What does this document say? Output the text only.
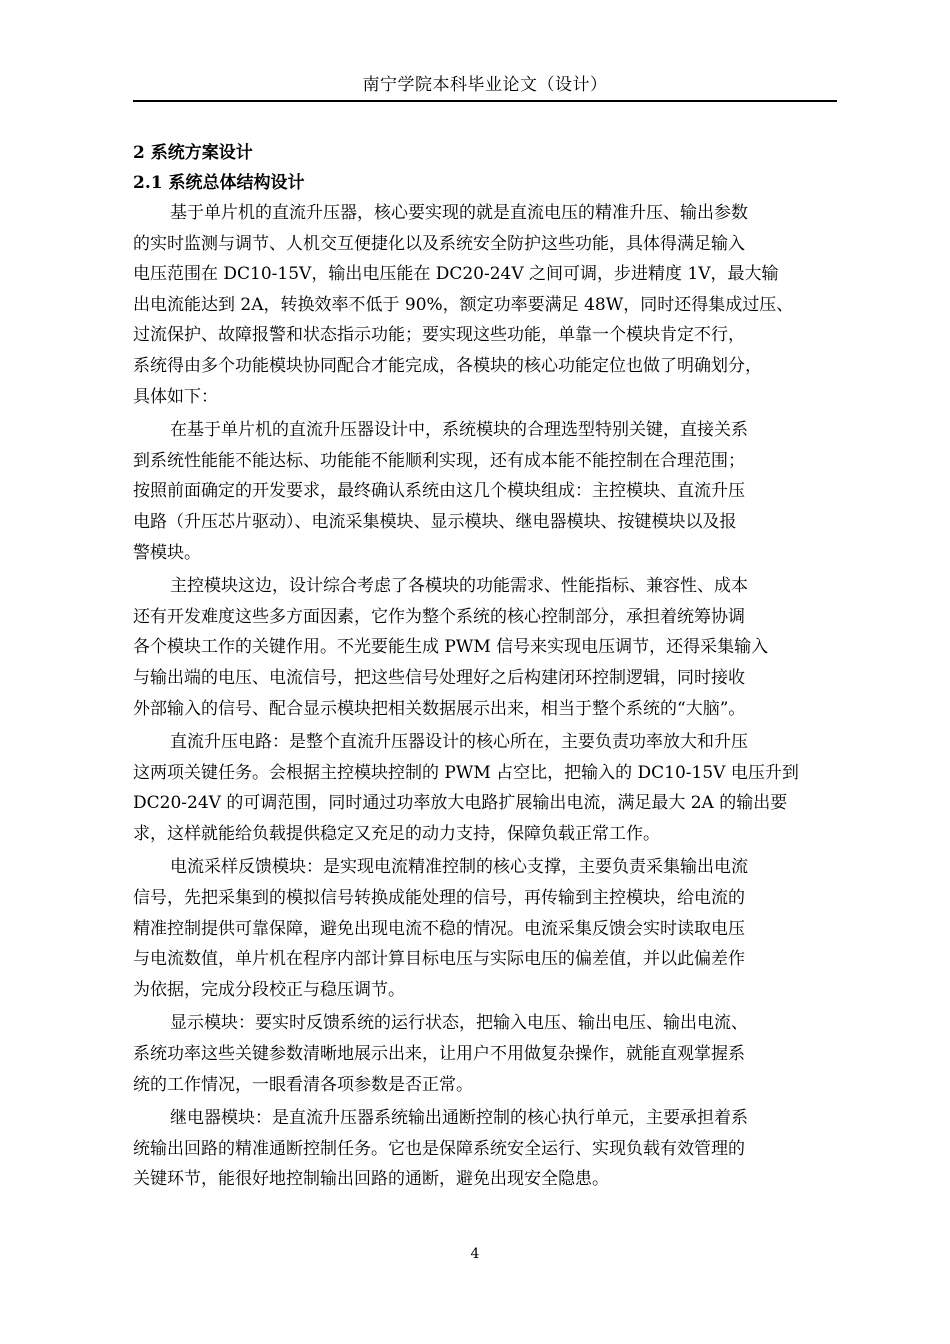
南宁学院本科毕业论文（设计）
2 系统方案设计
2.1 系统总体结构设计
基于单片机的直流升压器，核心要实现的就是直流电压的精准升压、输出参数
的实时监测与调节、人机交互便捷化以及系统安全防护这些功能，具体得满足输入
电压范围在 DC10-15V，输出电压能在 DC20-24V 之间可调，步进精度 1V，最大输
出电流能达到 2A，转换效率不低于 90%，额定功率要满足 48W，同时还得集成过压、
过流保护、故障报警和状态指示功能；要实现这些功能，单靠一个模块肯定不行，
系统得由多个功能模块协同配合才能完成，各模块的核心功能定位也做了明确划分，
具体如下：
在基于单片机的直流升压器设计中，系统模块的合理选型特别关键，直接关系
到系统性能能不能达标、功能能不能顺利实现，还有成本能不能控制在合理范围；
按照前面确定的开发要求，最终确认系统由这几个模块组成：主控模块、直流升压
电路（升压芯片驱动）、电流采集模块、显示模块、继电器模块、按键模块以及报
警模块。
主控模块这边，设计综合考虑了各模块的功能需求、性能指标、兼容性、成本
还有开发难度这些多方面因素，它作为整个系统的核心控制部分，承担着统筹协调
各个模块工作的关键作用。不光要能生成 PWM 信号来实现电压调节，还得采集输入
与输出端的电压、电流信号，把这些信号处理好之后构建闭环控制逻辑，同时接收
外部输入的信号、配合显示模块把相关数据展示出来，相当于整个系统的“大脑”。
直流升压电路：是整个直流升压器设计的核心所在，主要负责功率放大和升压
这两项关键任务。会根据主控模块控制的 PWM 占空比，把输入的 DC10-15V 电压升到
DC20-24V 的可调范围，同时通过功率放大电路扩展输出电流，满足最大 2A 的输出要
求，这样就能给负载提供稳定又充足的动力支持，保障负载正常工作。
电流采样反馈模块：是实现电流精准控制的核心支撑，主要负责采集输出电流
信号，先把采集到的模拟信号转换成能处理的信号，再传输到主控模块，给电流的
精准控制提供可靠保障，避免出现电流不稳的情况。电流采集反馈会实时读取电压
与电流数值，单片机在程序内部计算目标电压与实际电压的偏差值，并以此偏差作
为依据，完成分段校正与稳压调节。
显示模块：要实时反馈系统的运行状态，把输入电压、输出电压、输出电流、
系统功率这些关键参数清晰地展示出来，让用户不用做复杂操作，就能直观掌握系
统的工作情况，一眼看清各项参数是否正常。
继电器模块：是直流升压器系统输出通断控制的核心执行单元，主要承担着系
统输出回路的精准通断控制任务。它也是保障系统安全运行、实现负载有效管理的
关键环节，能很好地控制输出回路的通断，避免出现安全隐患。
4
